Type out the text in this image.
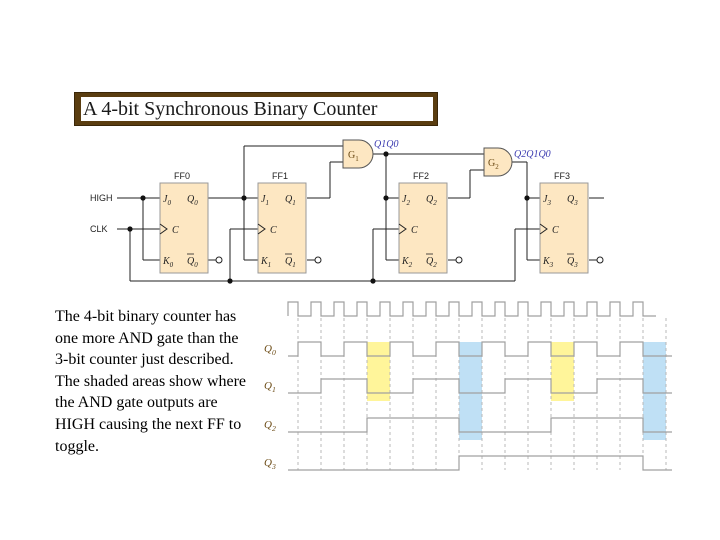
A 4-bit Synchronous Binary Counter
The 4-bit binary counter has one more AND gate than the 3-bit counter just described. The shaded areas show where the AND gate outputs are HIGH causing the next FF to toggle.
$G_1$	$G_2$
Q1Q0
Q2Q1Q0
HIGH
CLK
FF0
$J_0$ $Q_0$
$K_0$ $Q_0$
C
FF1
$J_1$ $Q_1$
$K_1$ $Q_1$
C
FF2
$J_2$ $Q_2$
$K_2$ $Q_2$
C
FF3
$J_3$ $Q_3$
$K_3$ $Q_3$
C
$Q_0$
$Q_1$
$Q_2$
$Q_3$
